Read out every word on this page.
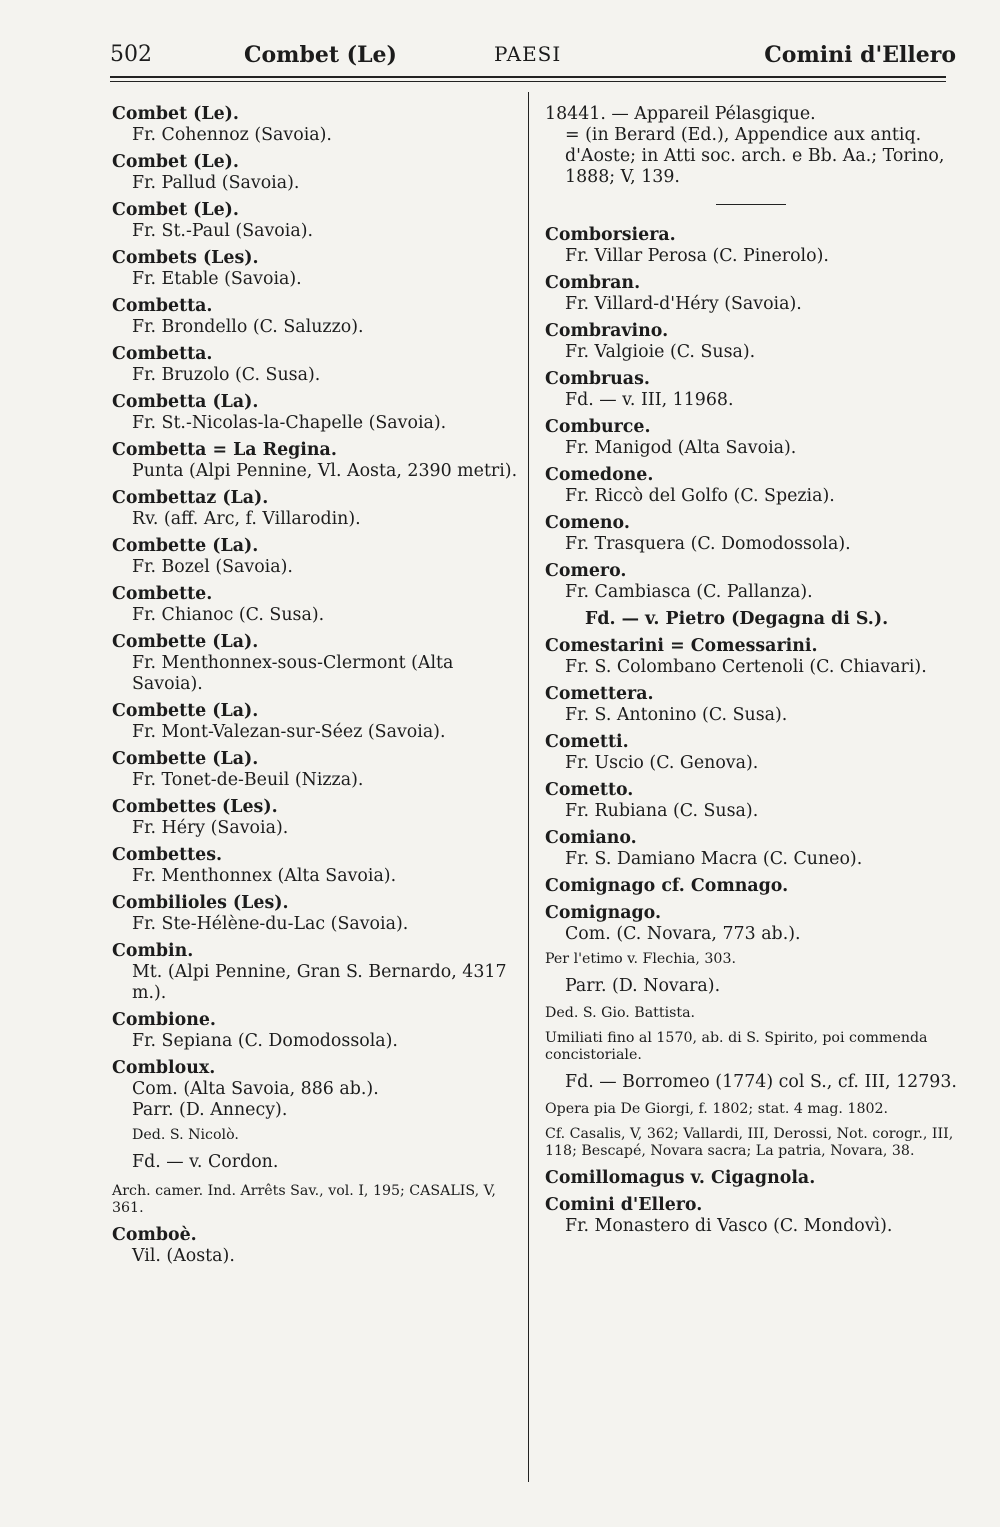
502	Combet (Le)	PAESI	Comini d'Ellero
Combet (Le).
Fr. Cohennoz (Savoia).
Combet (Le).
Fr. Pallud (Savoia).
Combet (Le).
Fr. St.-Paul (Savoia).
Combets (Les).
Fr. Etable (Savoia).
Combetta.
Fr. Brondello (C. Saluzzo).
Combetta.
Fr. Bruzolo (C. Susa).
Combetta (La).
Fr. St.-Nicolas-la-Chapelle (Savoia).
Combetta = La Regina.
Punta (Alpi Pennine, Vl. Aosta, 2390 metri).
Combettaz (La).
Rv. (aff. Arc, f. Villarodin).
Combette (La).
Fr. Bozel (Savoia).
Combette.
Fr. Chianoc (C. Susa).
Combette (La).
Fr. Menthonnex-sous-Clermont (Alta Savoia).
Combette (La).
Fr. Mont-Valezan-sur-Séez (Savoia).
Combette (La).
Fr. Tonet-de-Beuil (Nizza).
Combettes (Les).
Fr. Héry (Savoia).
Combettes.
Fr. Menthonnex (Alta Savoia).
Combilioles (Les).
Fr. Ste-Hélène-du-Lac (Savoia).
Combin.
Mt. (Alpi Pennine, Gran S. Bernardo, 4317 m.).
Combione.
Fr. Sepiana (C. Domodossola).
Combloux.
Com. (Alta Savoia, 886 ab.).
Parr. (D. Annecy).
Ded. S. Nicolò.
Fd. — v. Cordon.
Arch. camer. Ind. Arrêts Sav., vol. I, 195; CASALIS, V, 361.
Comboè.
Vil. (Aosta).
18441. — Appareil Pélasgique.
= (in Berard (Ed.), Appendice aux antiq. d'Aoste; in Atti soc. arch. e Bb. Aa.; Torino, 1888; V, 139.
Comborsiera.
Fr. Villar Perosa (C. Pinerolo).
Combran.
Fr. Villard-d'Héry (Savoia).
Combravino.
Fr. Valgioie (C. Susa).
Combruas.
Fd. — v. III, 11968.
Comburce.
Fr. Manigod (Alta Savoia).
Comedone.
Fr. Riccò del Golfo (C. Spezia).
Comeno.
Fr. Trasquera (C. Domodossola).
Comero.
Fr. Cambiasca (C. Pallanza).
Fd. — v. Pietro (Degagna di S.).
Comestarini = Comessarini.
Fr. S. Colombano Certenoli (C. Chiavari).
Comettera.
Fr. S. Antonino (C. Susa).
Cometti.
Fr. Uscio (C. Genova).
Cometto.
Fr. Rubiana (C. Susa).
Comiano.
Fr. S. Damiano Macra (C. Cuneo).
Comignago cf. Comnago.
Comignago.
Com. (C. Novara, 773 ab.).
Per l'etimo v. Flechia, 303.
Parr. (D. Novara).
Ded. S. Gio. Battista.
Umiliati fino al 1570, ab. di S. Spirito, poi commenda concistoriale.
Fd. — Borromeo (1774) col S., cf. III, 12793.
Opera pia De Giorgi, f. 1802; stat. 4 mag. 1802.
Cf. Casalis, V, 362; Vallardi, III, Derossi, Not. corogr., III, 118; Bescapé, Novara sacra; La patria, Novara, 38.
Comillomagus v. Cigagnola.
Comini d'Ellero.
Fr. Monastero di Vasco (C. Mondovì).
